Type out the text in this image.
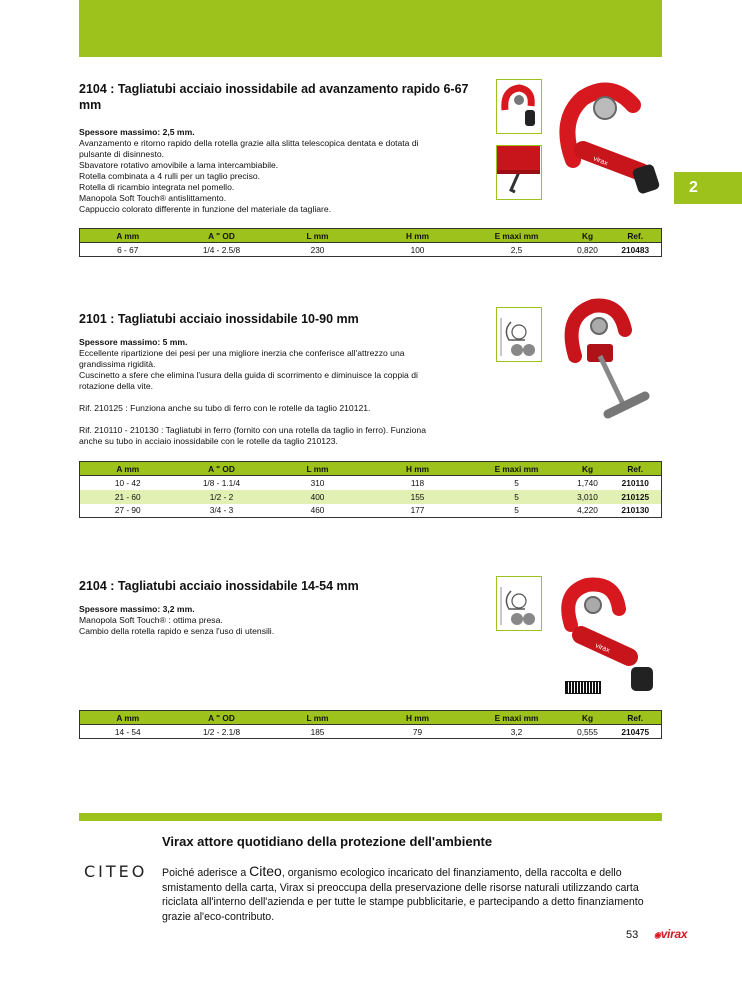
2
2104 : Tagliatubi acciaio inossidabile ad avanzamento rapido 6-67 mm

Spessore massimo: 2,5 mm.

Avanzamento e ritorno rapido della rotella grazie alla slitta telescopica dentata e dotata di

pulsante di disinnesto.

Sbavatore rotativo amovibile a lama intercambiabile.

Rotella combinata a 4 rulli per un taglio preciso.

Rotella di ricambio integrata nel pomello.

Manopola Soft Touch® antislittamento.

Cappuccio colorato differente in funzione del materiale da tagliare.

virax
A mm	A " OD	L mm	H mm	E maxi mm	Kg	Ref.
6 - 67	1/4 - 2.5/8	230	100	2,5	0,820	210483
2101 : Tagliatubi acciaio inossidabile 10-90 mm

Spessore massimo: 5 mm.

Eccellente ripartizione dei pesi per una migliore inerzia che conferisce all'attrezzo una

grandissima rigidità.

Cuscinetto a sfere che elimina l'usura della guida di scorrimento e diminuisce la coppia di

rotazione della vite.

Rif. 210125 : Funziona anche su tubo di ferro con le rotelle da taglio 210121.

Rif. 210110 - 210130 : Tagliatubi in ferro (fornito con una rotella da taglio in ferro). Funziona

anche su tubo in acciaio inossidabile con le rotelle da taglio 210123.

A mm	A " OD	L mm	H mm	E maxi mm	Kg	Ref.
10 - 42	1/8 - 1.1/4	310	118	5	1,740	210110
21 - 60	1/2 - 2	400	155	5	3,010	210125
27 - 90	3/4 - 3	460	177	5	4,220	210130
2104 : Tagliatubi acciaio inossidabile 14-54 mm

Spessore massimo: 3,2 mm.

Manopola Soft Touch® : ottima presa.

Cambio della rotella rapido e senza l'uso di utensili.

virax
A mm	A " OD	L mm	H mm	E maxi mm	Kg	Ref.
14 - 54	1/2 - 2.1/8	185	79	3,2	0,555	210475
CITEO
Virax attore quotidiano della protezione dell'ambiente
Poiché aderisce a Citeo, organismo ecologico incaricato del finanziamento, della raccolta e dello smistamento della carta, Virax si preoccupa della preservazione delle risorse naturali utilizzando carta riciclata all'interno dell'azienda e per tutte le stampe pubblicitarie, e partecipando a detto finanziamento grazie al'eco-contributo.
53 ◉virax
